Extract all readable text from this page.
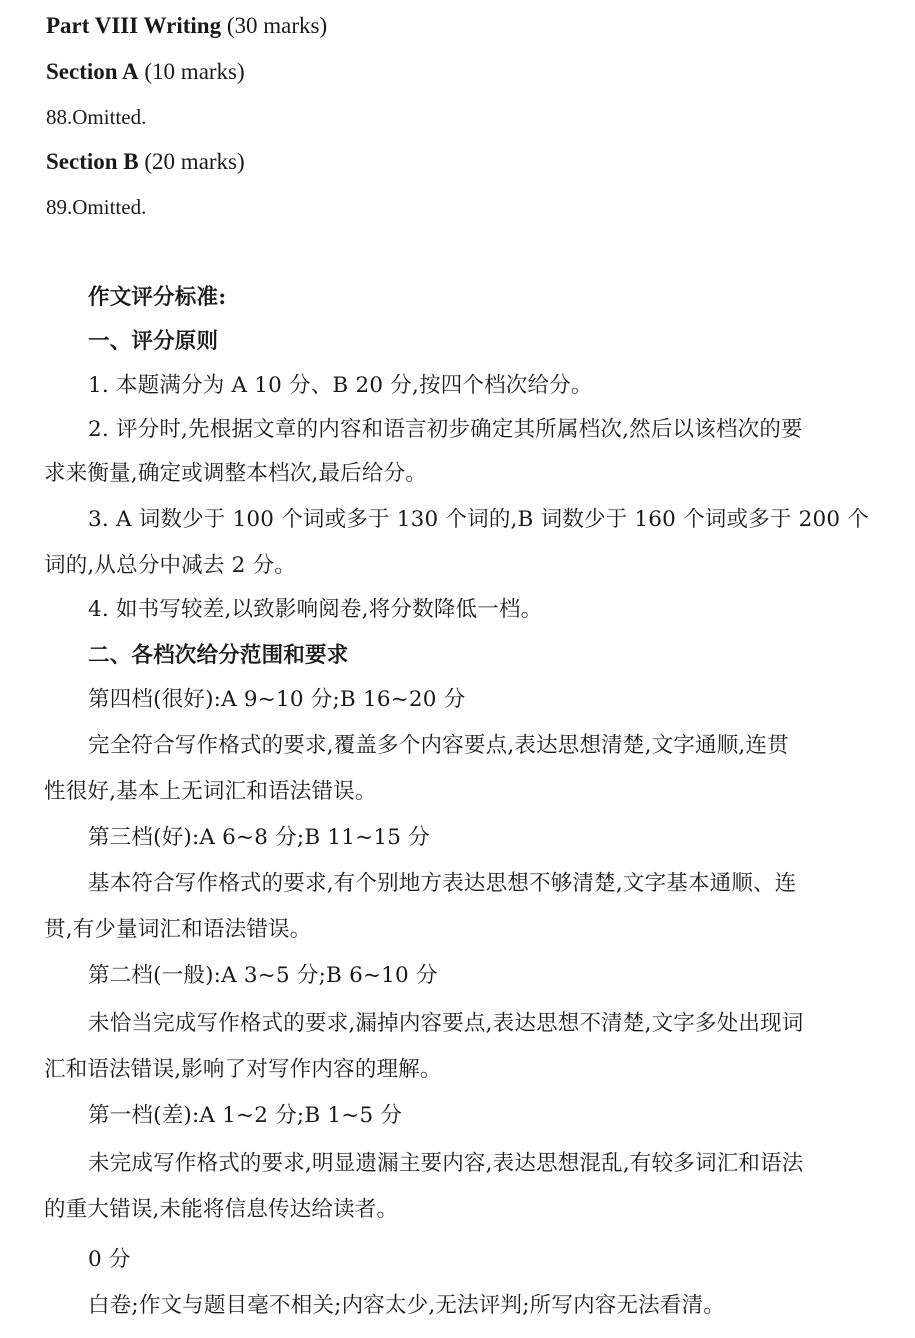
Part VIII Writing (30 marks)
Section A (10 marks)
88.Omitted.
Section B (20 marks)
89.Omitted.
作文评分标准:
一、评分原则
1. 本题满分为 A 10 分、B 20 分,按四个档次给分。
2. 评分时,先根据文章的内容和语言初步确定其所属档次,然后以该档次的要
求来衡量,确定或调整本档次,最后给分。
3. A 词数少于 100 个词或多于 130 个词的,B 词数少于 160 个词或多于 200 个
词的,从总分中减去 2 分。
4. 如书写较差,以致影响阅卷,将分数降低一档。
二、各档次给分范围和要求
第四档(很好):A 9~10 分;B 16~20 分
完全符合写作格式的要求,覆盖多个内容要点,表达思想清楚,文字通顺,连贯
性很好,基本上无词汇和语法错误。
第三档(好):A 6~8 分;B 11~15 分
基本符合写作格式的要求,有个别地方表达思想不够清楚,文字基本通顺、连
贯,有少量词汇和语法错误。
第二档(一般):A 3~5 分;B 6~10 分
未恰当完成写作格式的要求,漏掉内容要点,表达思想不清楚,文字多处出现词
汇和语法错误,影响了对写作内容的理解。
第一档(差):A 1~2 分;B 1~5 分
未完成写作格式的要求,明显遗漏主要内容,表达思想混乱,有较多词汇和语法
的重大错误,未能将信息传达给读者。
0 分
白卷;作文与题目毫不相关;内容太少,无法评判;所写内容无法看清。
